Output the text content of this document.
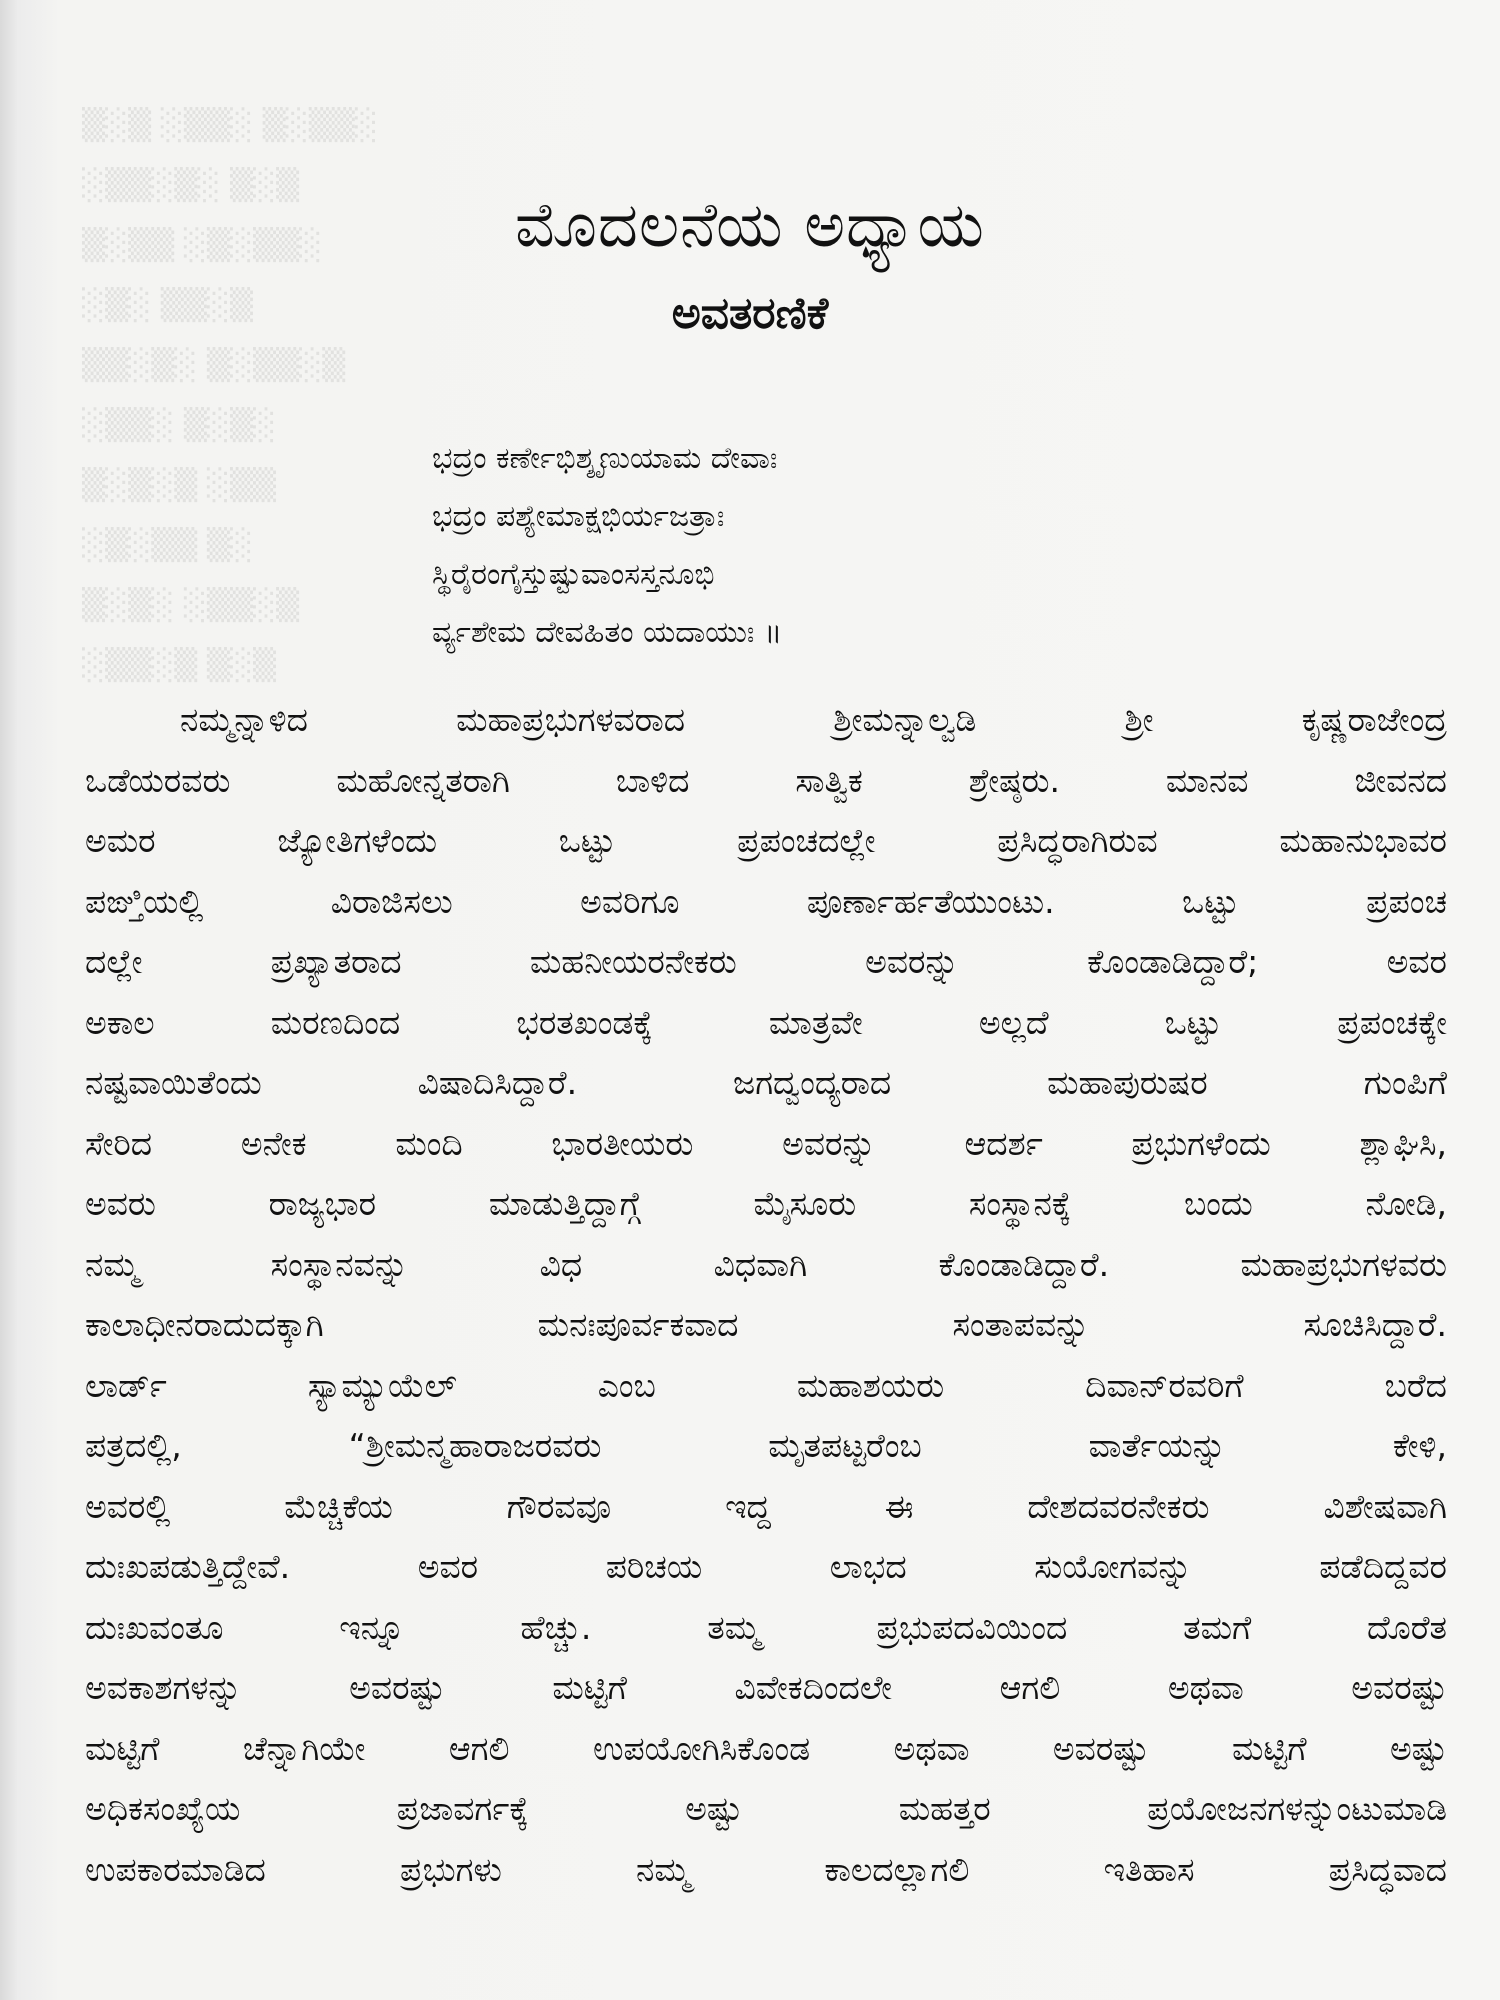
▒░▒ ░▒▒░ ▒░▒▒░
░▒▒░▒░ ▒░▒
▒░▒▒ ░▒░▒▒░
░▒░ ▒▒░▒
▒▒░▒░ ▒░▒▒░▒
░▒▒░ ▒░▒░
▒░▒░▒ ░▒▒
░▒░▒▒ ▒░
▒░▒░ ░▒▒░▒
░▒▒░▒ ▒░▒
ಮೊದಲನೆಯ ಅಧ್ಯಾಯ
ಅವತರಣಿಕೆ
ಭದ್ರಂ ಕರ್ಣೇಭಿಶ್ಶೃಣುಯಾಮ ದೇವಾಃ
ಭದ್ರಂ ಪಶ್ಯೇಮಾಕ್ಷಭಿರ್ಯಜತ್ರಾಃ
ಸ್ಥಿರೈರಂಗೈಸ್ತುಷ್ಟುವಾಂಸಸ್ತನೂಭಿ
ರ್ವ್ಯಶೇಮ ದೇವಹಿತಂ ಯದಾಯುಃ ॥
ನಮ್ಮನ್ನಾಳಿದ ಮಹಾಪ್ರಭುಗಳವರಾದ ಶ್ರೀಮನ್ನಾಲ್ವಡಿ ಶ್ರೀ ಕೃಷ್ಣರಾಜೇಂದ್ರ
ಒಡೆಯರವರು ಮಹೋನ್ನತರಾಗಿ ಬಾಳಿದ ಸಾತ್ವಿಕ ಶ್ರೇಷ್ಠರು. ಮಾನವ ಜೀವನದ
ಅಮರ ಜ್ಯೋತಿಗಳೆಂದು ಒಟ್ಟು ಪ್ರಪಂಚದಲ್ಲೇ ಪ್ರಸಿದ್ಧರಾಗಿರುವ ಮಹಾನುಭಾವರ
ಪಙ್ತಿಯಲ್ಲಿ ವಿರಾಜಿಸಲು ಅವರಿಗೂ ಪೂರ್ಣಾರ್ಹತೆಯುಂಟು. ಒಟ್ಟು ಪ್ರಪಂಚ
ದಲ್ಲೇ ಪ್ರಖ್ಯಾತರಾದ ಮಹನೀಯರನೇಕರು ಅವರನ್ನು ಕೊಂಡಾಡಿದ್ದಾರೆ; ಅವರ
ಅಕಾಲ ಮರಣದಿಂದ ಭರತಖಂಡಕ್ಕೆ ಮಾತ್ರವೇ ಅಲ್ಲದೆ ಒಟ್ಟು ಪ್ರಪಂಚಕ್ಕೇ
ನಷ್ಟವಾಯಿತೆಂದು ವಿಷಾದಿಸಿದ್ದಾರೆ. ಜಗದ್ವಂದ್ಯರಾದ ಮಹಾಪುರುಷರ ಗುಂಪಿಗೆ
ಸೇರಿದ ಅನೇಕ ಮಂದಿ ಭಾರತೀಯರು ಅವರನ್ನು ಆದರ್ಶ ಪ್ರಭುಗಳೆಂದು ಶ್ಲಾಘಿಸಿ,
ಅವರು ರಾಜ್ಯಭಾರ ಮಾಡುತ್ತಿದ್ದಾಗ್ಗೆ ಮೈಸೂರು ಸಂಸ್ಥಾನಕ್ಕೆ ಬಂದು ನೋಡಿ,
ನಮ್ಮ ಸಂಸ್ಥಾನವನ್ನು ವಿಧ ವಿಧವಾಗಿ ಕೊಂಡಾಡಿದ್ದಾರೆ. ಮಹಾಪ್ರಭುಗಳವರು
ಕಾಲಾಧೀನರಾದುದಕ್ಕಾಗಿ ಮನಃಪೂರ್ವಕವಾದ ಸಂತಾಪವನ್ನು ಸೂಚಿಸಿದ್ದಾರೆ.
ಲಾರ್ಡ್ ಸ್ಯಾಮ್ಯುಯೆಲ್ ಎಂಬ ಮಹಾಶಯರು ದಿವಾನ್‌ರವರಿಗೆ ಬರೆದ
ಪತ್ರದಲ್ಲಿ, “ಶ್ರೀಮನ್ಮಹಾರಾಜರವರು ಮೃತಪಟ್ಟರೆಂಬ ವಾರ್ತೆಯನ್ನು ಕೇಳಿ,
ಅವರಲ್ಲಿ ಮೆಚ್ಚಿಕೆಯ ಗೌರವವೂ ಇದ್ದ ಈ ದೇಶದವರನೇಕರು ವಿಶೇಷವಾಗಿ
ದುಃಖಪಡುತ್ತಿದ್ದೇವೆ. ಅವರ ಪರಿಚಯ ಲಾಭದ ಸುಯೋಗವನ್ನು ಪಡೆದಿದ್ದವರ
ದುಃಖವಂತೂ ಇನ್ನೂ ಹೆಚ್ಚು. ತಮ್ಮ ಪ್ರಭುಪದವಿಯಿಂದ ತಮಗೆ ದೊರೆತ
ಅವಕಾಶಗಳನ್ನು ಅವರಷ್ಟು ಮಟ್ಟಿಗೆ ವಿವೇಕದಿಂದಲೇ ಆಗಲಿ ಅಥವಾ ಅವರಷ್ಟು
ಮಟ್ಟಿಗೆ ಚೆನ್ನಾಗಿಯೇ ಆಗಲಿ ಉಪಯೋಗಿಸಿಕೊಂಡ ಅಥವಾ ಅವರಷ್ಟು ಮಟ್ಟಿಗೆ ಅಷ್ಟು
ಅಧಿಕಸಂಖ್ಯೆಯ ಪ್ರಜಾವರ್ಗಕ್ಕೆ ಅಷ್ಟು ಮಹತ್ತರ ಪ್ರಯೋಜನಗಳನ್ನುಂಟುಮಾಡಿ
ಉಪಕಾರಮಾಡಿದ ಪ್ರಭುಗಳು ನಮ್ಮ ಕಾಲದಲ್ಲಾಗಲಿ ಇತಿಹಾಸ ಪ್ರಸಿದ್ಧವಾದ
